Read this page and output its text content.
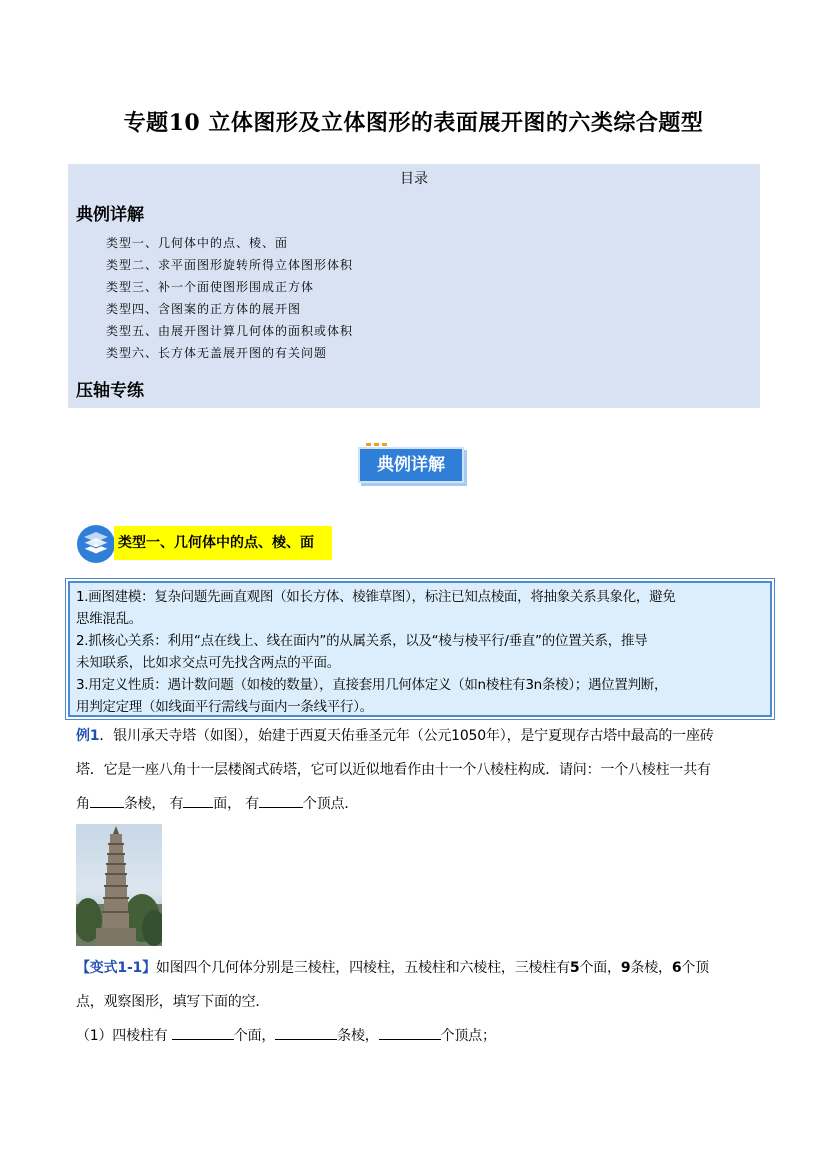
专题10 立体图形及立体图形的表面展开图的六类综合题型
目录
典例详解
类型一、几何体中的点、棱、面
类型二、求平面图形旋转所得立体图形体积
类型三、补一个面使图形围成正方体
类型四、含图案的正方体的展开图
类型五、由展开图计算几何体的面积或体积
类型六、长方体无盖展开图的有关问题
压轴专练
典例详解
类型一、几何体中的点、棱、面

1.画图建模：复杂问题先画直观图（如长方体、棱锥草图），标注已知点棱面，将抽象关系具象化，避免

思维混乱。

2.抓核心关系：利用“点在线上、线在面内”的从属关系，以及“棱与棱平行/垂直”的位置关系，推导

未知联系，比如求交点可先找含两点的平面。

3.用定义性质：遇计数问题（如棱的数量），直接套用几何体定义（如n棱柱有3n条棱）；遇位置判断，

用判定定理（如线面平行需线与面内一条线平行）。

例1．银川承天寺塔（如图），始建于西夏天佑垂圣元年（公元1050年），是宁夏现存古塔中最高的一座砖
塔．它是一座八角十一层楼阁式砖塔，它可以近似地看作由十一个八棱柱构成．请问：一个八棱柱一共有
角 条棱， 有 面， 有	个顶点．
【变式1-1】如图四个几何体分别是三棱柱，四棱柱，五棱柱和六棱柱，三棱柱有5个面，9条棱，6个顶
点，观察图形，填写下面的空．
（1）四棱柱有	个面，	条棱，	个顶点；
